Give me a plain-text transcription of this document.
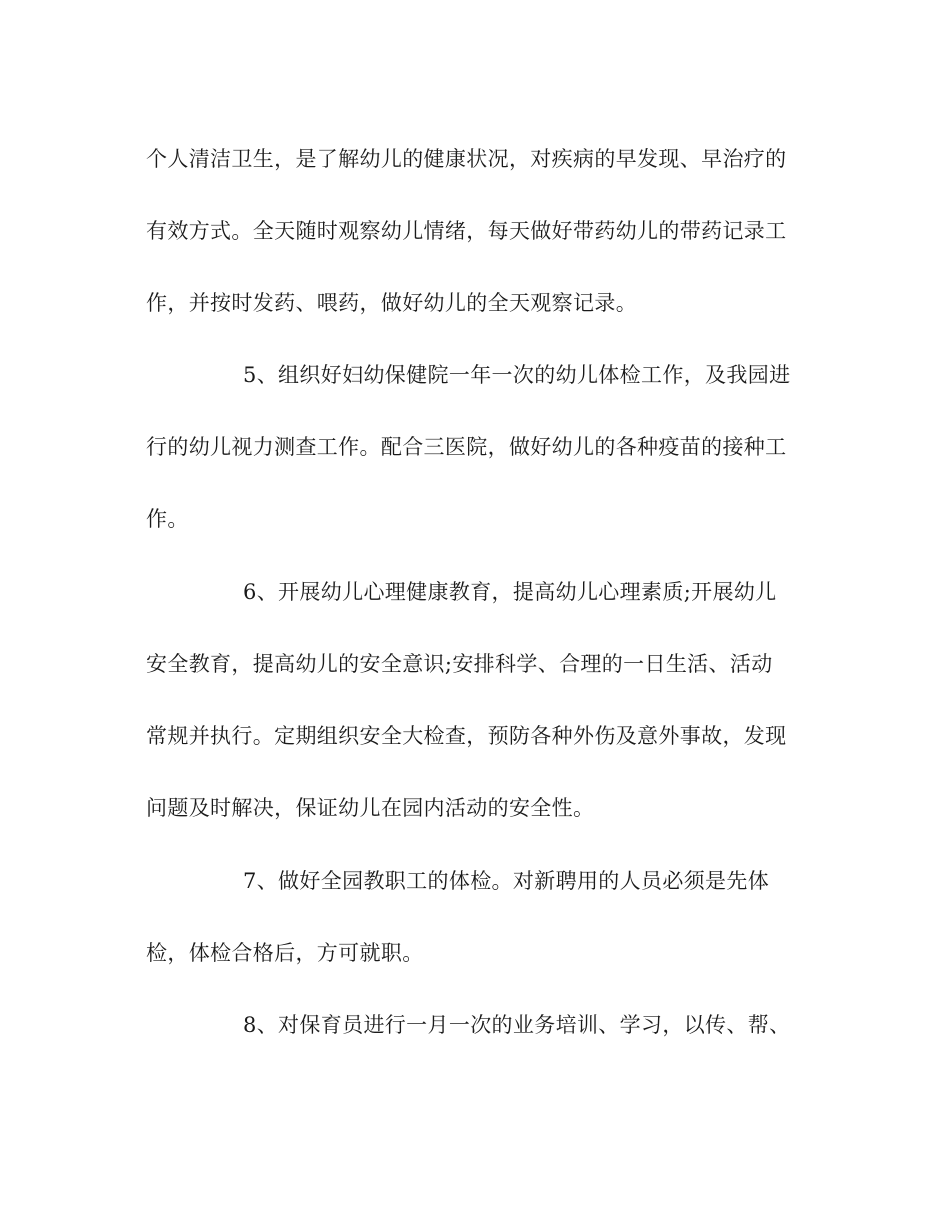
个人清洁卫生，是了解幼儿的健康状况，对疾病的早发现、早治疗的

有效方式。全天随时观察幼儿情绪，每天做好带药幼儿的带药记录工

作，并按时发药、喂药，做好幼儿的全天观察记录。

5、组织好妇幼保健院一年一次的幼儿体检工作，及我园进

行的幼儿视力测查工作。配合三医院，做好幼儿的各种疫苗的接种工

作。

6、开展幼儿心理健康教育，提高幼儿心理素质;开展幼儿

安全教育，提高幼儿的安全意识;安排科学、合理的一日生活、活动

常规并执行。定期组织安全大检查，预防各种外伤及意外事故，发现

问题及时解决，保证幼儿在园内活动的安全性。

7、做好全园教职工的体检。对新聘用的人员必须是先体

检，体检合格后，方可就职。

8、对保育员进行一月一次的业务培训、学习，以传、帮、
